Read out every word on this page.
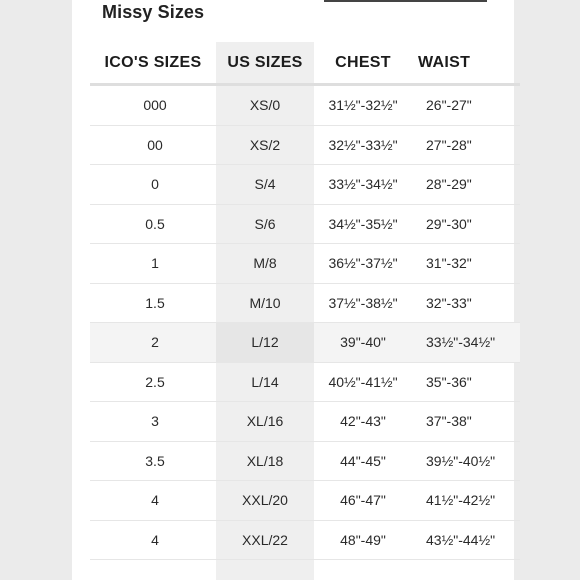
Missy Sizes
ICO'S SIZES	US SIZES	CHEST	WAIST
000	XS/0	31½"-32½"	26"-27"
00	XS/2	32½"-33½"	27"-28"
0	S/4	33½"-34½"	28"-29"
0.5	S/6	34½"-35½"	29"-30"
1	M/8	36½"-37½"	31"-32"
1.5	M/10	37½"-38½"	32"-33"
2	L/12	39"-40"	33½"-34½"
2.5	L/14	40½"-41½"	35"-36"
3	XL/16	42"-43"	37"-38"
3.5	XL/18	44"-45"	39½"-40½"
4	XXL/20	46"-47"	41½"-42½"
4	XXL/22	48"-49"	43½"-44½"
